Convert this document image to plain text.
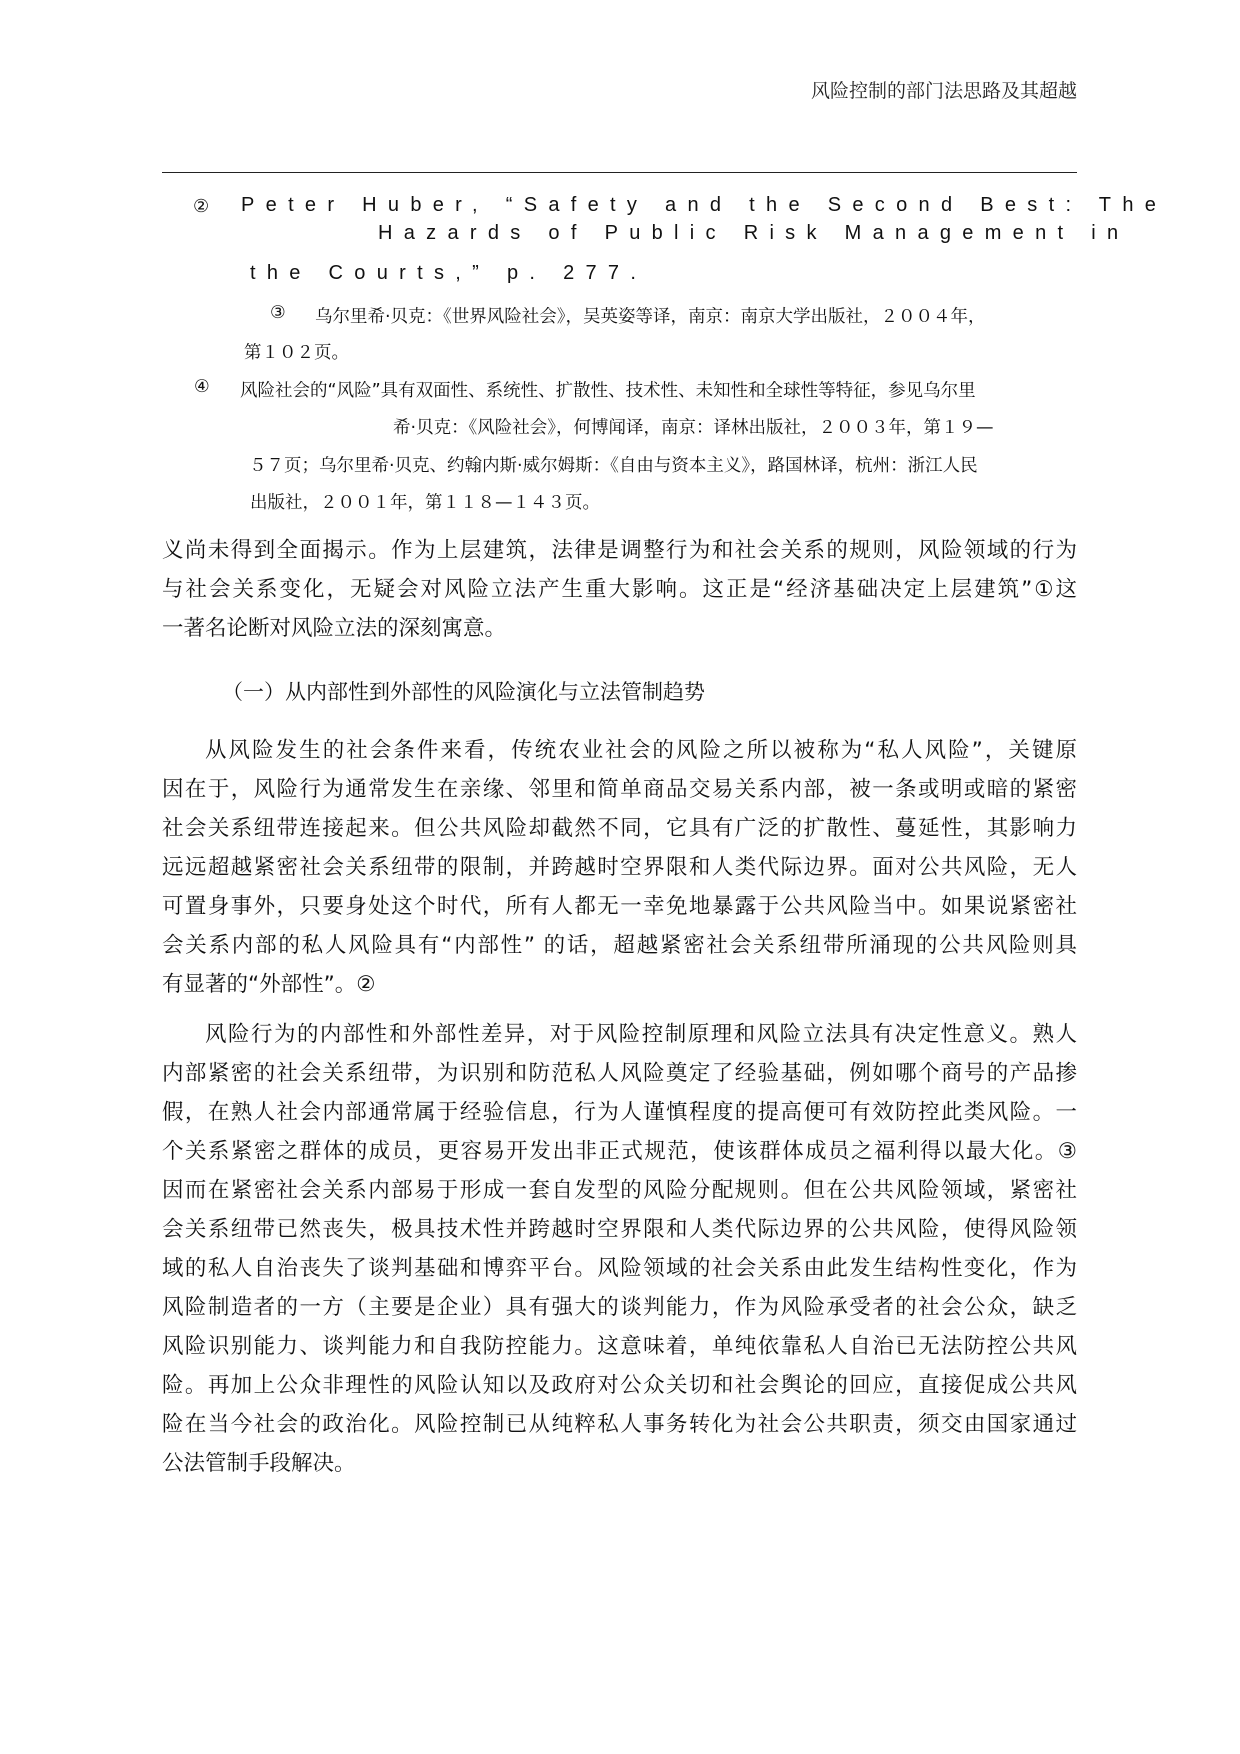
风险控制的部门法思路及其超越
② Peter Huber, “Safety and the Second Best: The
Hazards of Public Risk Management in
the Courts,” p. 277.
③ 乌尔里希·贝克：《世界风险社会》，吴英姿等译，南京：南京大学出版社，２００４年，
第１０２页。
④ 风险社会的“风险”具有双面性、系统性、扩散性、技术性、未知性和全球性等特征，参见乌尔里
希·贝克：《风险社会》，何博闻译，南京：译林出版社，２００３年，第１９—
５７页；乌尔里希·贝克、约翰内斯·威尔姆斯：《自由与资本主义》，路国林译，杭州：浙江人民
出版社，２００１年，第１１８—１４３页。
义尚未得到全面揭示。作为上层建筑，法律是调整行为和社会关系的规则，风险领域的行为
与社会关系变化，无疑会对风险立法产生重大影响。这正是“经济基础决定上层建筑”①这
一著名论断对风险立法的深刻寓意。
（一）从内部性到外部性的风险演化与立法管制趋势
从风险发生的社会条件来看，传统农业社会的风险之所以被称为“私人风险”，关键原
因在于，风险行为通常发生在亲缘、邻里和简单商品交易关系内部，被一条或明或暗的紧密
社会关系纽带连接起来。但公共风险却截然不同，它具有广泛的扩散性、蔓延性，其影响力
远远超越紧密社会关系纽带的限制，并跨越时空界限和人类代际边界。面对公共风险，无人
可置身事外，只要身处这个时代，所有人都无一幸免地暴露于公共风险当中。如果说紧密社
会关系内部的私人风险具有“内部性” 的话，超越紧密社会关系纽带所涌现的公共风险则具
有显著的“外部性”。②
风险行为的内部性和外部性差异，对于风险控制原理和风险立法具有决定性意义。熟人
内部紧密的社会关系纽带，为识别和防范私人风险奠定了经验基础，例如哪个商号的产品掺
假，在熟人社会内部通常属于经验信息，行为人谨慎程度的提高便可有效防控此类风险。一
个关系紧密之群体的成员，更容易开发出非正式规范，使该群体成员之福利得以最大化。③
因而在紧密社会关系内部易于形成一套自发型的风险分配规则。但在公共风险领域，紧密社
会关系纽带已然丧失，极具技术性并跨越时空界限和人类代际边界的公共风险，使得风险领
域的私人自治丧失了谈判基础和博弈平台。风险领域的社会关系由此发生结构性变化，作为
风险制造者的一方（主要是企业）具有强大的谈判能力，作为风险承受者的社会公众，缺乏
风险识别能力、谈判能力和自我防控能力。这意味着，单纯依靠私人自治已无法防控公共风
险。再加上公众非理性的风险认知以及政府对公众关切和社会舆论的回应，直接促成公共风
险在当今社会的政治化。风险控制已从纯粹私人事务转化为社会公共职责，须交由国家通过
公法管制手段解决。
